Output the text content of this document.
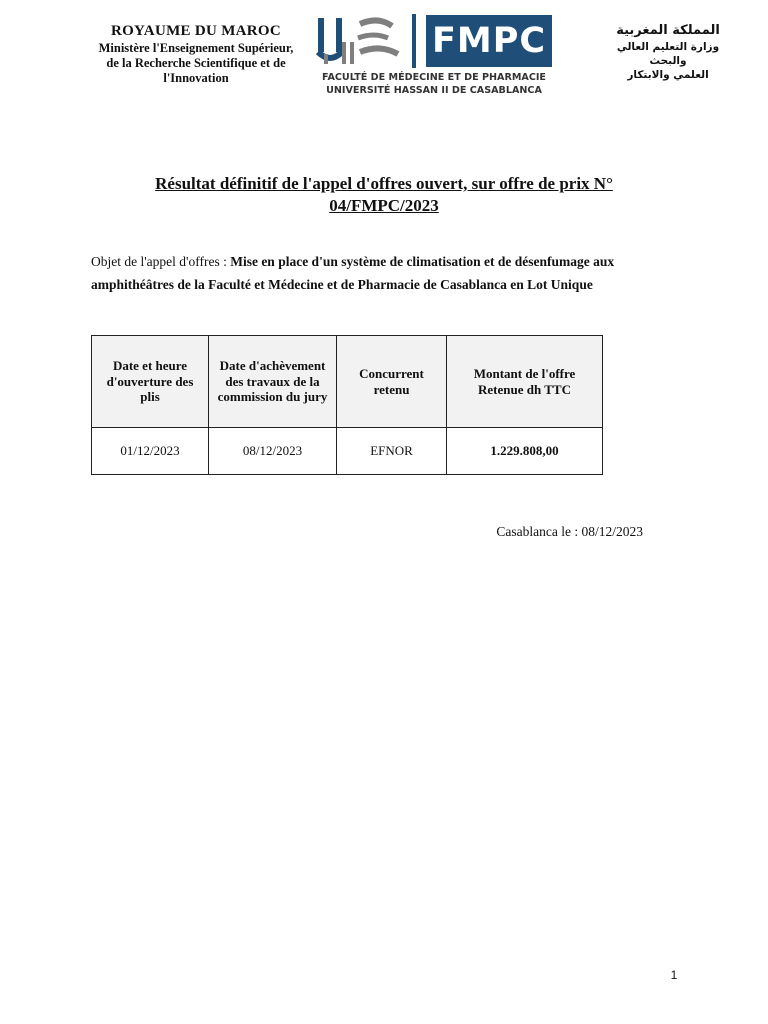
ROYAUME DU MAROC
Ministère l'Enseignement Supérieur,
de la Recherche Scientifique et de
l'Innovation
FMPC
FACULTÉ DE MÉDECINE ET DE PHARMACIE
UNIVERSITÉ HASSAN II DE CASABLANCA
المملكة المغربية
وزارة التعليم العالي والبحث
العلمي والابتكار
Résultat définitif de l'appel d'offres ouvert, sur offre de prix N°
04/FMPC/2023
Objet de l'appel d'offres : Mise en place d'un système de climatisation et de désenfumage aux amphithéâtres de la Faculté et Médecine et de Pharmacie de Casablanca en Lot Unique
Date et heure d'ouverture des plis	Date d'achèvement des travaux de la commission du jury	Concurrent retenu	Montant de l'offre Retenue dh TTC
01/12/2023	08/12/2023	EFNOR	1.229.808,00
Casablanca le : 08/12/2023
1
